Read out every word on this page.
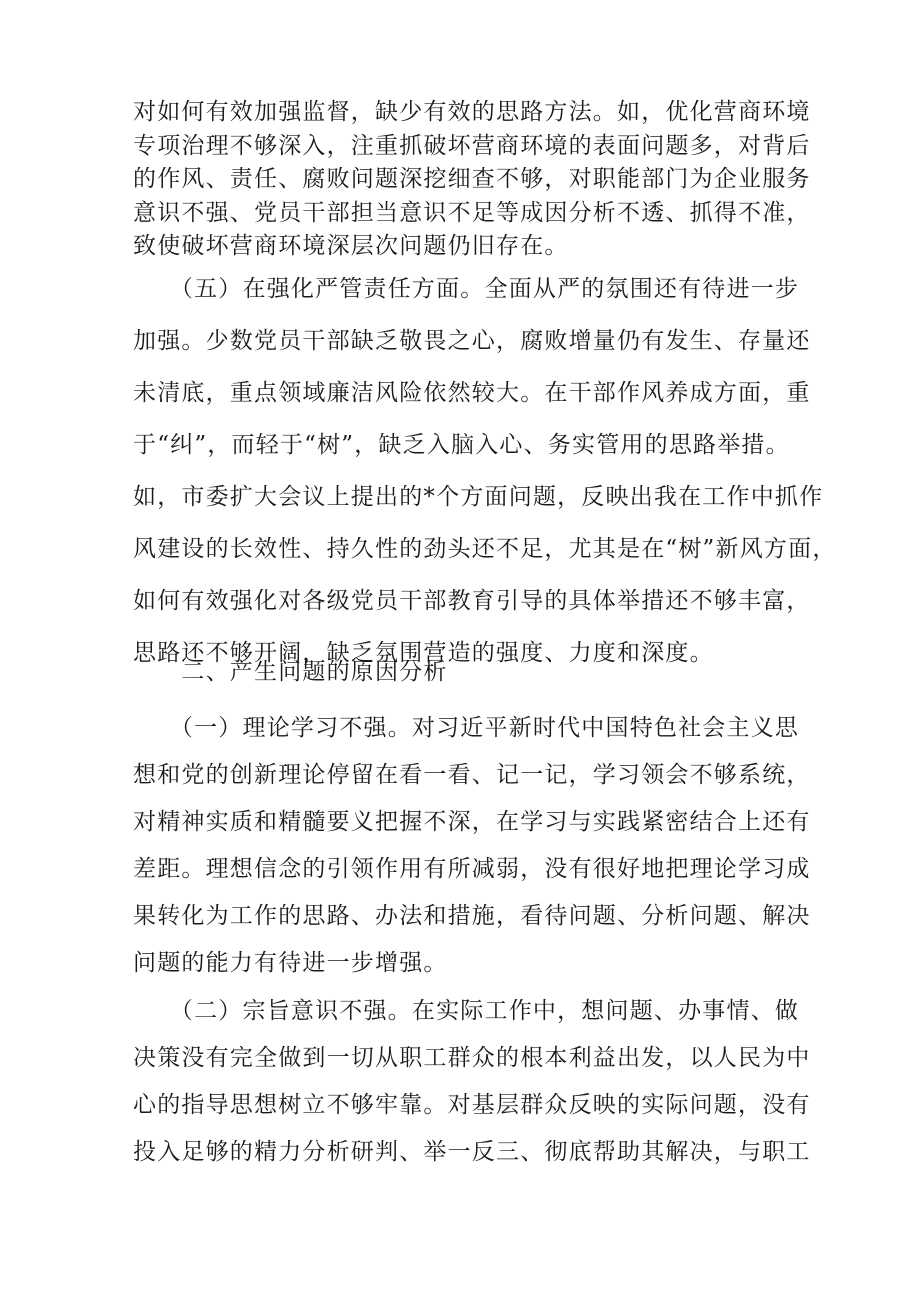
对如何有效加强监督，缺少有效的思路方法。如，优化营商环境
专项治理不够深入，注重抓破坏营商环境的表面问题多，对背后
的作风、责任、腐败问题深挖细查不够，对职能部门为企业服务
意识不强、党员干部担当意识不足等成因分析不透、抓得不准，
致使破坏营商环境深层次问题仍旧存在。
　　（五）在强化严管责任方面。全面从严的氛围还有待进一步
加强。少数党员干部缺乏敬畏之心，腐败增量仍有发生、存量还
未清底，重点领域廉洁风险依然较大。在干部作风养成方面，重
于“纠”，而轻于“树”，缺乏入脑入心、务实管用的思路举措。
如，市委扩大会议上提出的*个方面问题，反映出我在工作中抓作
风建设的长效性、持久性的劲头还不足，尤其是在“树”新风方面，
如何有效强化对各级党员干部教育引导的具体举措还不够丰富，
思路还不够开阔，缺乏氛围营造的强度、力度和深度。
　　二、产生问题的原因分析
　　（一）理论学习不强。对习近平新时代中国特色社会主义思
想和党的创新理论停留在看一看、记一记，学习领会不够系统，
对精神实质和精髓要义把握不深，在学习与实践紧密结合上还有
差距。理想信念的引领作用有所减弱，没有很好地把理论学习成
果转化为工作的思路、办法和措施，看待问题、分析问题、解决
问题的能力有待进一步增强。
　　（二）宗旨意识不强。在实际工作中，想问题、办事情、做
决策没有完全做到一切从职工群众的根本利益出发，以人民为中
心的指导思想树立不够牢靠。对基层群众反映的实际问题，没有
投入足够的精力分析研判、举一反三、彻底帮助其解决，与职工
